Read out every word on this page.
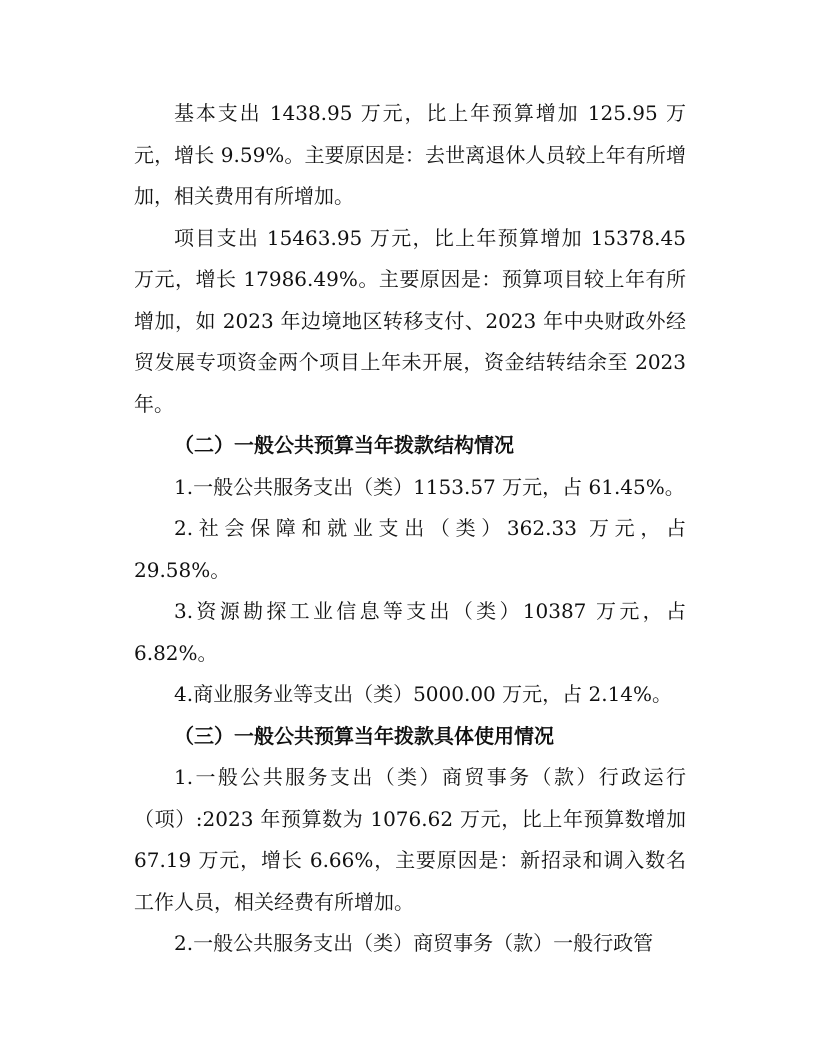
基本支出 1438.95 万元，比上年预算增加 125.95 万元，增长 9.59%。主要原因是：去世离退休人员较上年有所增加，相关费用有所增加。

项目支出 15463.95 万元，比上年预算增加 15378.45 万元，增长 17986.49%。主要原因是：预算项目较上年有所增加，如 2023 年边境地区转移支付、2023 年中央财政外经贸发展专项资金两个项目上年未开展，资金结转结余至 2023 年。

（二）一般公共预算当年拨款结构情况

1.一般公共服务支出（类）1153.57 万元，占 61.45%。

2.社会保障和就业支出（类）362.33 万元，占 29.58%。

3.资源勘探工业信息等支出（类）10387 万元，占 6.82%。

4.商业服务业等支出（类）5000.00 万元，占 2.14%。

（三）一般公共预算当年拨款具体使用情况

1.一般公共服务支出（类）商贸事务（款）行政运行（项）:2023 年预算数为 1076.62 万元，比上年预算数增加 67.19 万元，增长 6.66%，主要原因是：新招录和调入数名工作人员，相关经费有所增加。

2.一般公共服务支出（类）商贸事务（款）一般行政管
